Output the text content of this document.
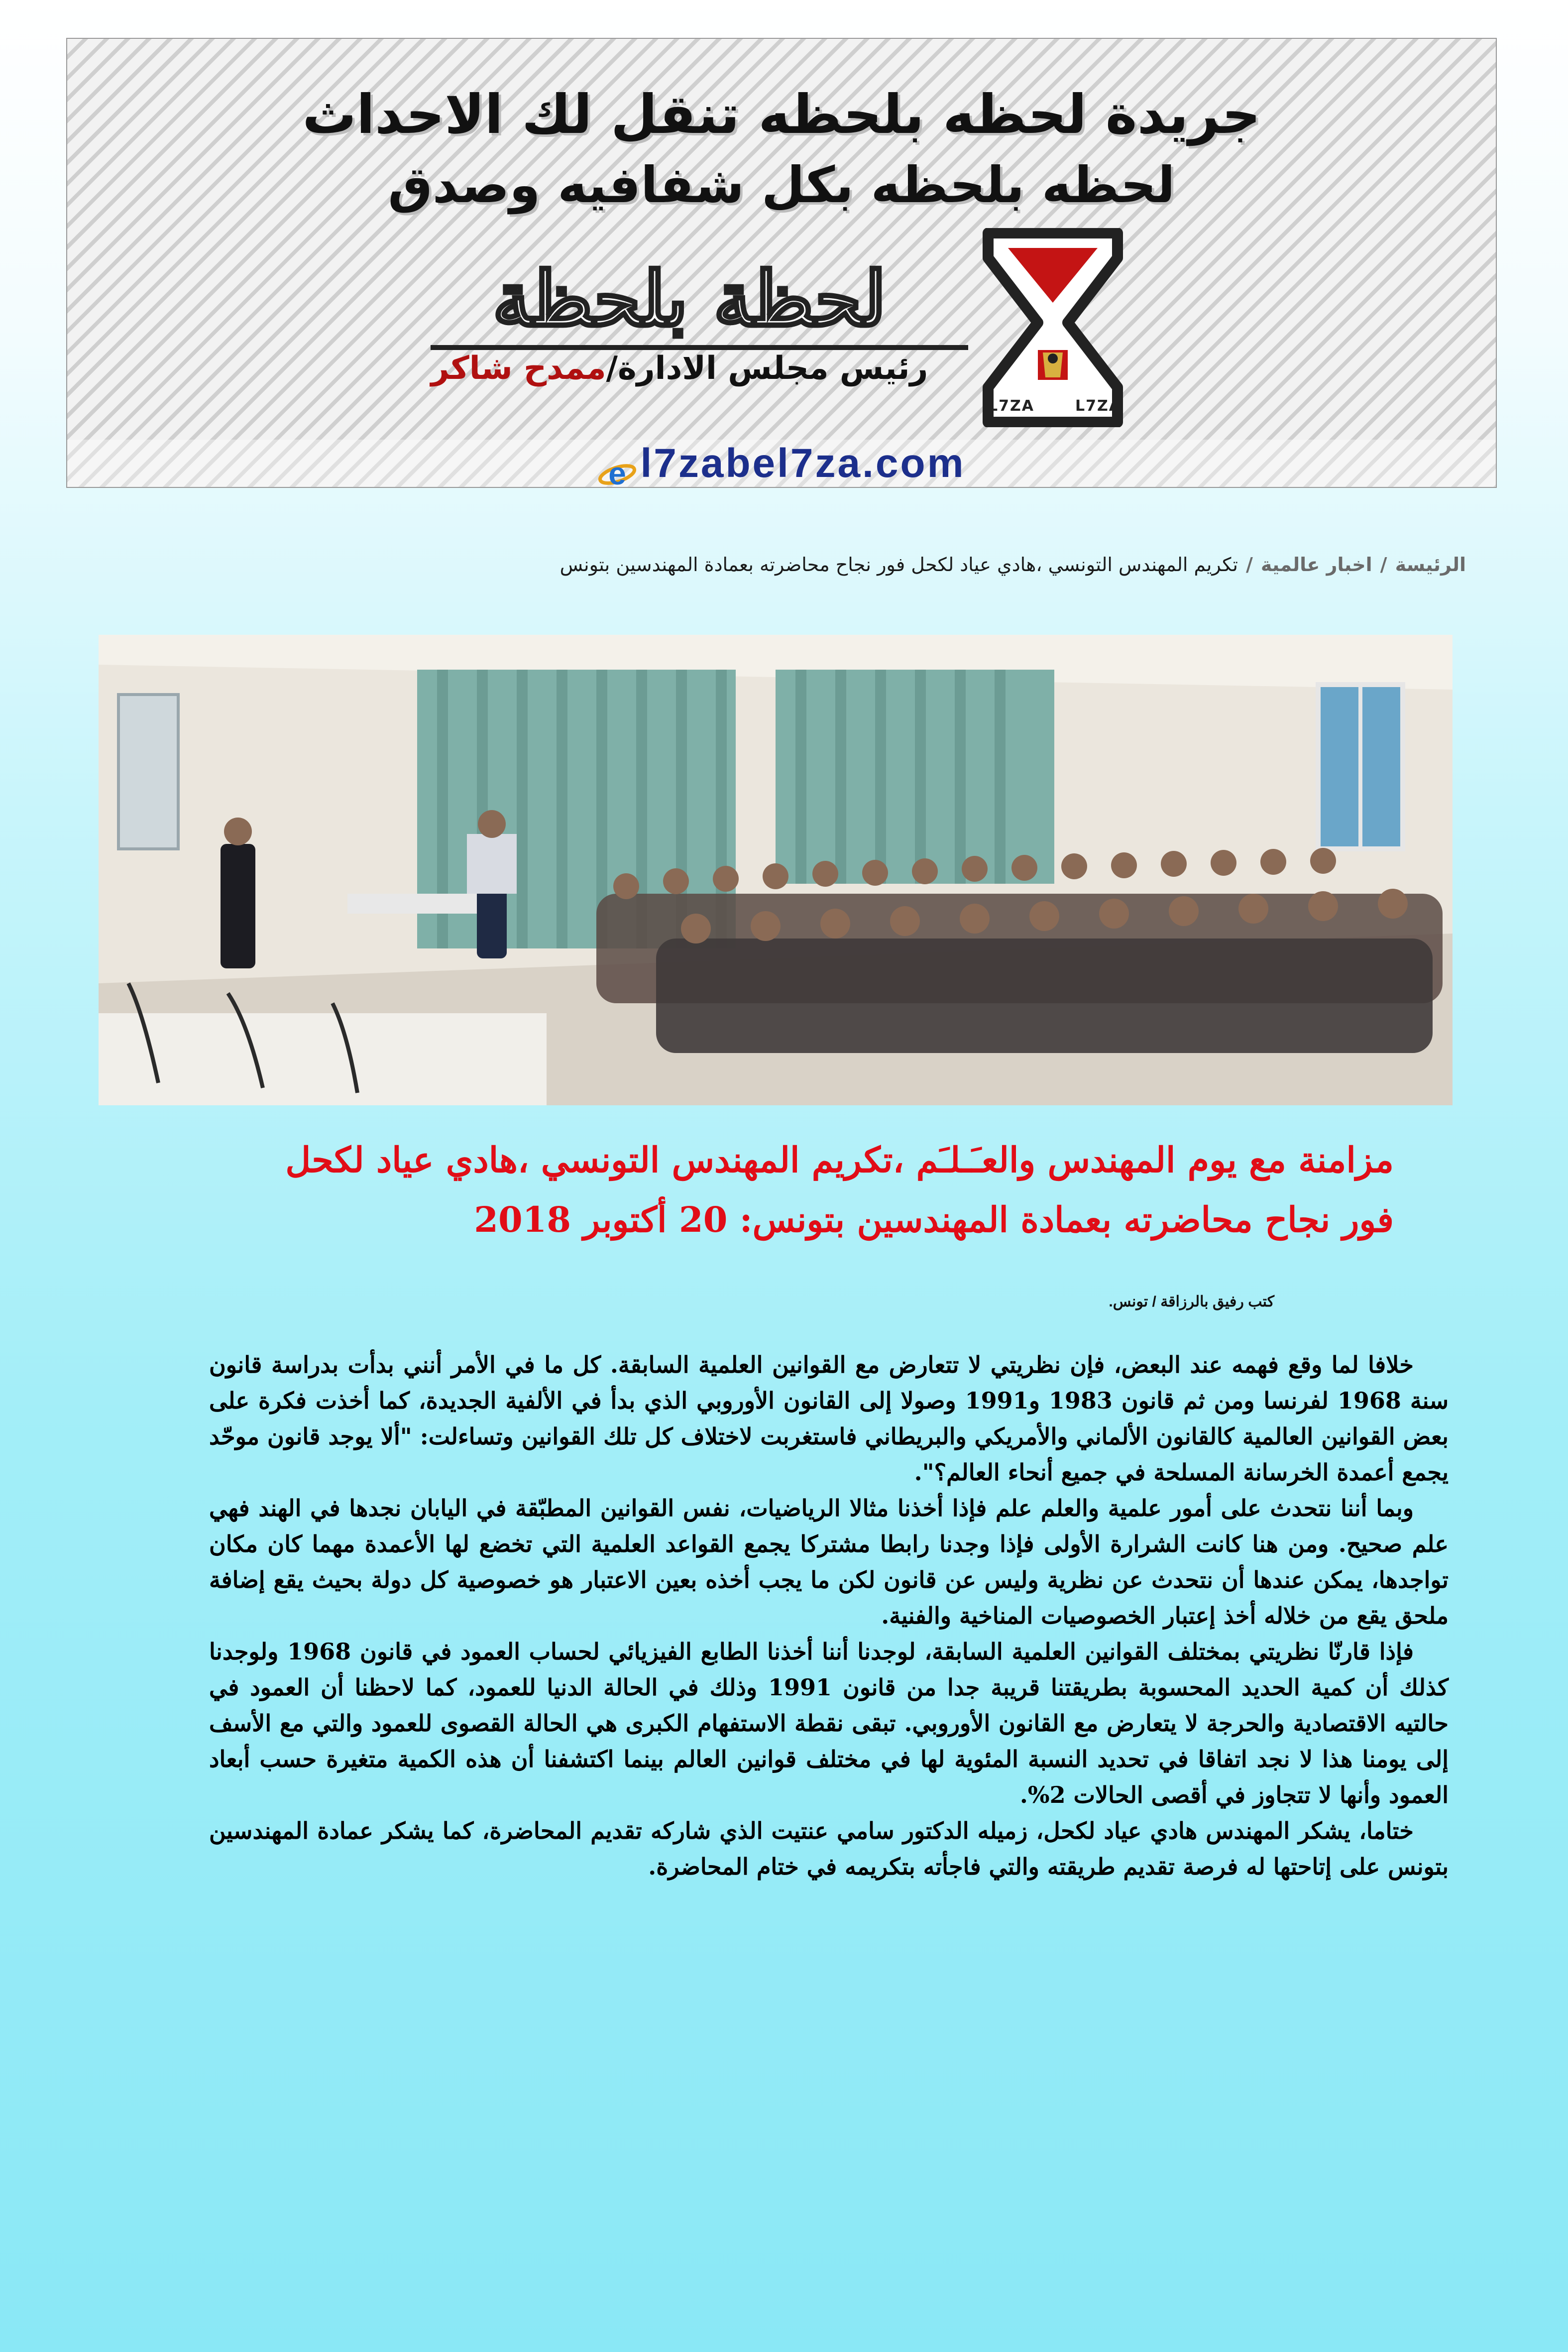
جريدة لحظه بلحظه تنقل لك الاحداث
لحظه بلحظه بكل شفافيه وصدق
لحظة بلحظة
رئيس مجلس الادارة/ممدح شاكر
L7ZA	L7ZA
e l7zabel7za.com
الرئيسة/اخبار عالمية/تكريم المهندس التونسي ،هادي عياد لكحل فور نجاح محاضرته بعمادة المهندسين بتونس
مزامنة مع يوم المهندس والعـَـلـَم ،تكريم المهندس التونسي ،هادي عياد لكحل
فور نجاح محاضرته بعمادة المهندسين بتونس: 20 أكتوبر 2018
كتب رفيق بالرزاقة / تونس.

خلافا لما وقع فهمه عند البعض، فإن نظريتي لا تتعارض مع القوانين العلمية السابقة. كل ما في الأمر أنني بدأت بدراسة قانون سنة 1968 لفرنسا ومن ثم قانون 1983 و1991 وصولا إلى القانون الأوروبي الذي بدأ في الألفية الجديدة، كما أخذت فكرة على بعض القوانين العالمية كالقانون الألماني والأمريكي والبريطاني فاستغربت لاختلاف كل تلك القوانين وتساءلت: "ألا يوجد قانون موحّد يجمع أعمدة الخرسانة المسلحة في جميع أنحاء العالم؟".

وبما أننا نتحدث على أمور علمية والعلم علم فإذا أخذنا مثالا الرياضيات، نفس القوانين المطبّقة في اليابان نجدها في الهند فهي علم صحيح. ومن هنا كانت الشرارة الأولى فإذا وجدنا رابطا مشتركا يجمع القواعد العلمية التي تخضع لها الأعمدة مهما كان مكان تواجدها، يمكن عندها أن نتحدث عن نظرية وليس عن قانون لكن ما يجب أخذه بعين الاعتبار هو خصوصية كل دولة بحيث يقع إضافة ملحق يقع من خلاله أخذ إعتبار الخصوصيات المناخية والفنية.

فإذا قارنّا نظريتي بمختلف القوانين العلمية السابقة، لوجدنا أننا أخذنا الطابع الفيزيائي لحساب العمود في قانون 1968 ولوجدنا كذلك أن كمية الحديد المحسوبة بطريقتنا قريبة جدا من قانون 1991 وذلك في الحالة الدنيا للعمود، كما لاحظنا أن العمود في حالتيه الاقتصادية والحرجة لا يتعارض مع القانون الأوروبي. تبقى نقطة الاستفهام الكبرى هي الحالة القصوى للعمود والتي مع الأسف إلى يومنا هذا لا نجد اتفاقا في تحديد النسبة المئوية لها في مختلف قوانين العالم بينما اكتشفنا أن هذه الكمية متغيرة حسب أبعاد العمود وأنها لا تتجاوز في أقصى الحالات 2%.

ختاما، يشكر المهندس هادي عياد لكحل، زميله الدكتور سامي عنتيت الذي شاركه تقديم المحاضرة، كما يشكر عمادة المهندسين بتونس على إتاحتها له فرصة تقديم طريقته والتي فاجأته بتكريمه في ختام المحاضرة.
